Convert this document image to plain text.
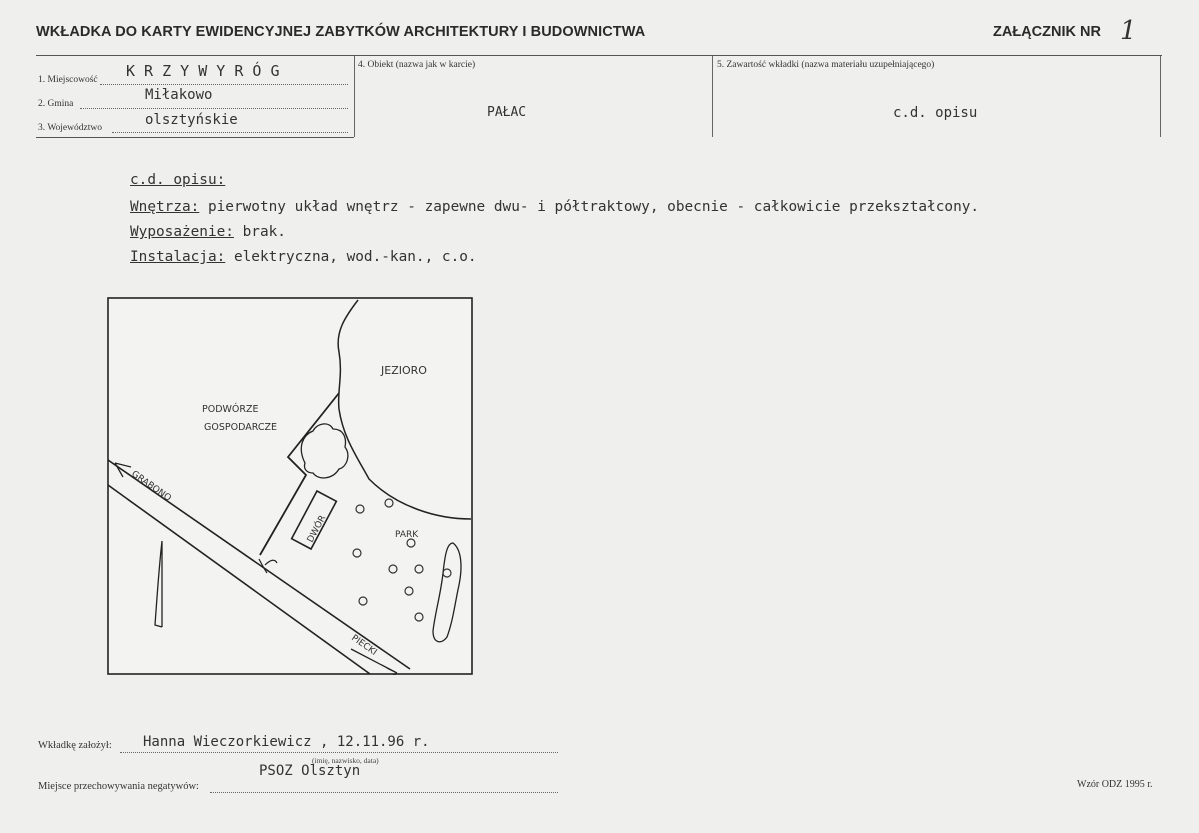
WKŁADKA DO KARTY EWIDENCYJNEJ ZABYTKÓW ARCHITEKTURY I BUDOWNICTWA	ZAŁĄCZNIK NR 1
1. Miejscowość K R Z Y W Y R Ó G
2. Gmina
Miłakowo
3. Województwo	olsztyńskie
4. Obiekt (nazwa jak w karcie)
PAŁAC
5. Zawartość wkładki (nazwa materiału uzupełniającego)
c.d. opisu
c.d. opisu:
Wnętrza: pierwotny układ wnętrz - zapewne dwu- i półtraktowy, obecnie - całkowicie przekształcony.
Wyposażenie: brak.
Instalacja: elektryczna, wod.-kan., c.o.
JEZIORO
PODWÓRZE
GOSPODARCZE
DWÓR	PARK
GRABONO
PIECKI
Wkładkę założył: Hanna Wieczorkiewicz , 12.11.96 r.
(imię, nazwisko, data)
Miejsce przechowywania negatywów:
PSOZ Olsztyn
Wzór ODZ 1995 r.
